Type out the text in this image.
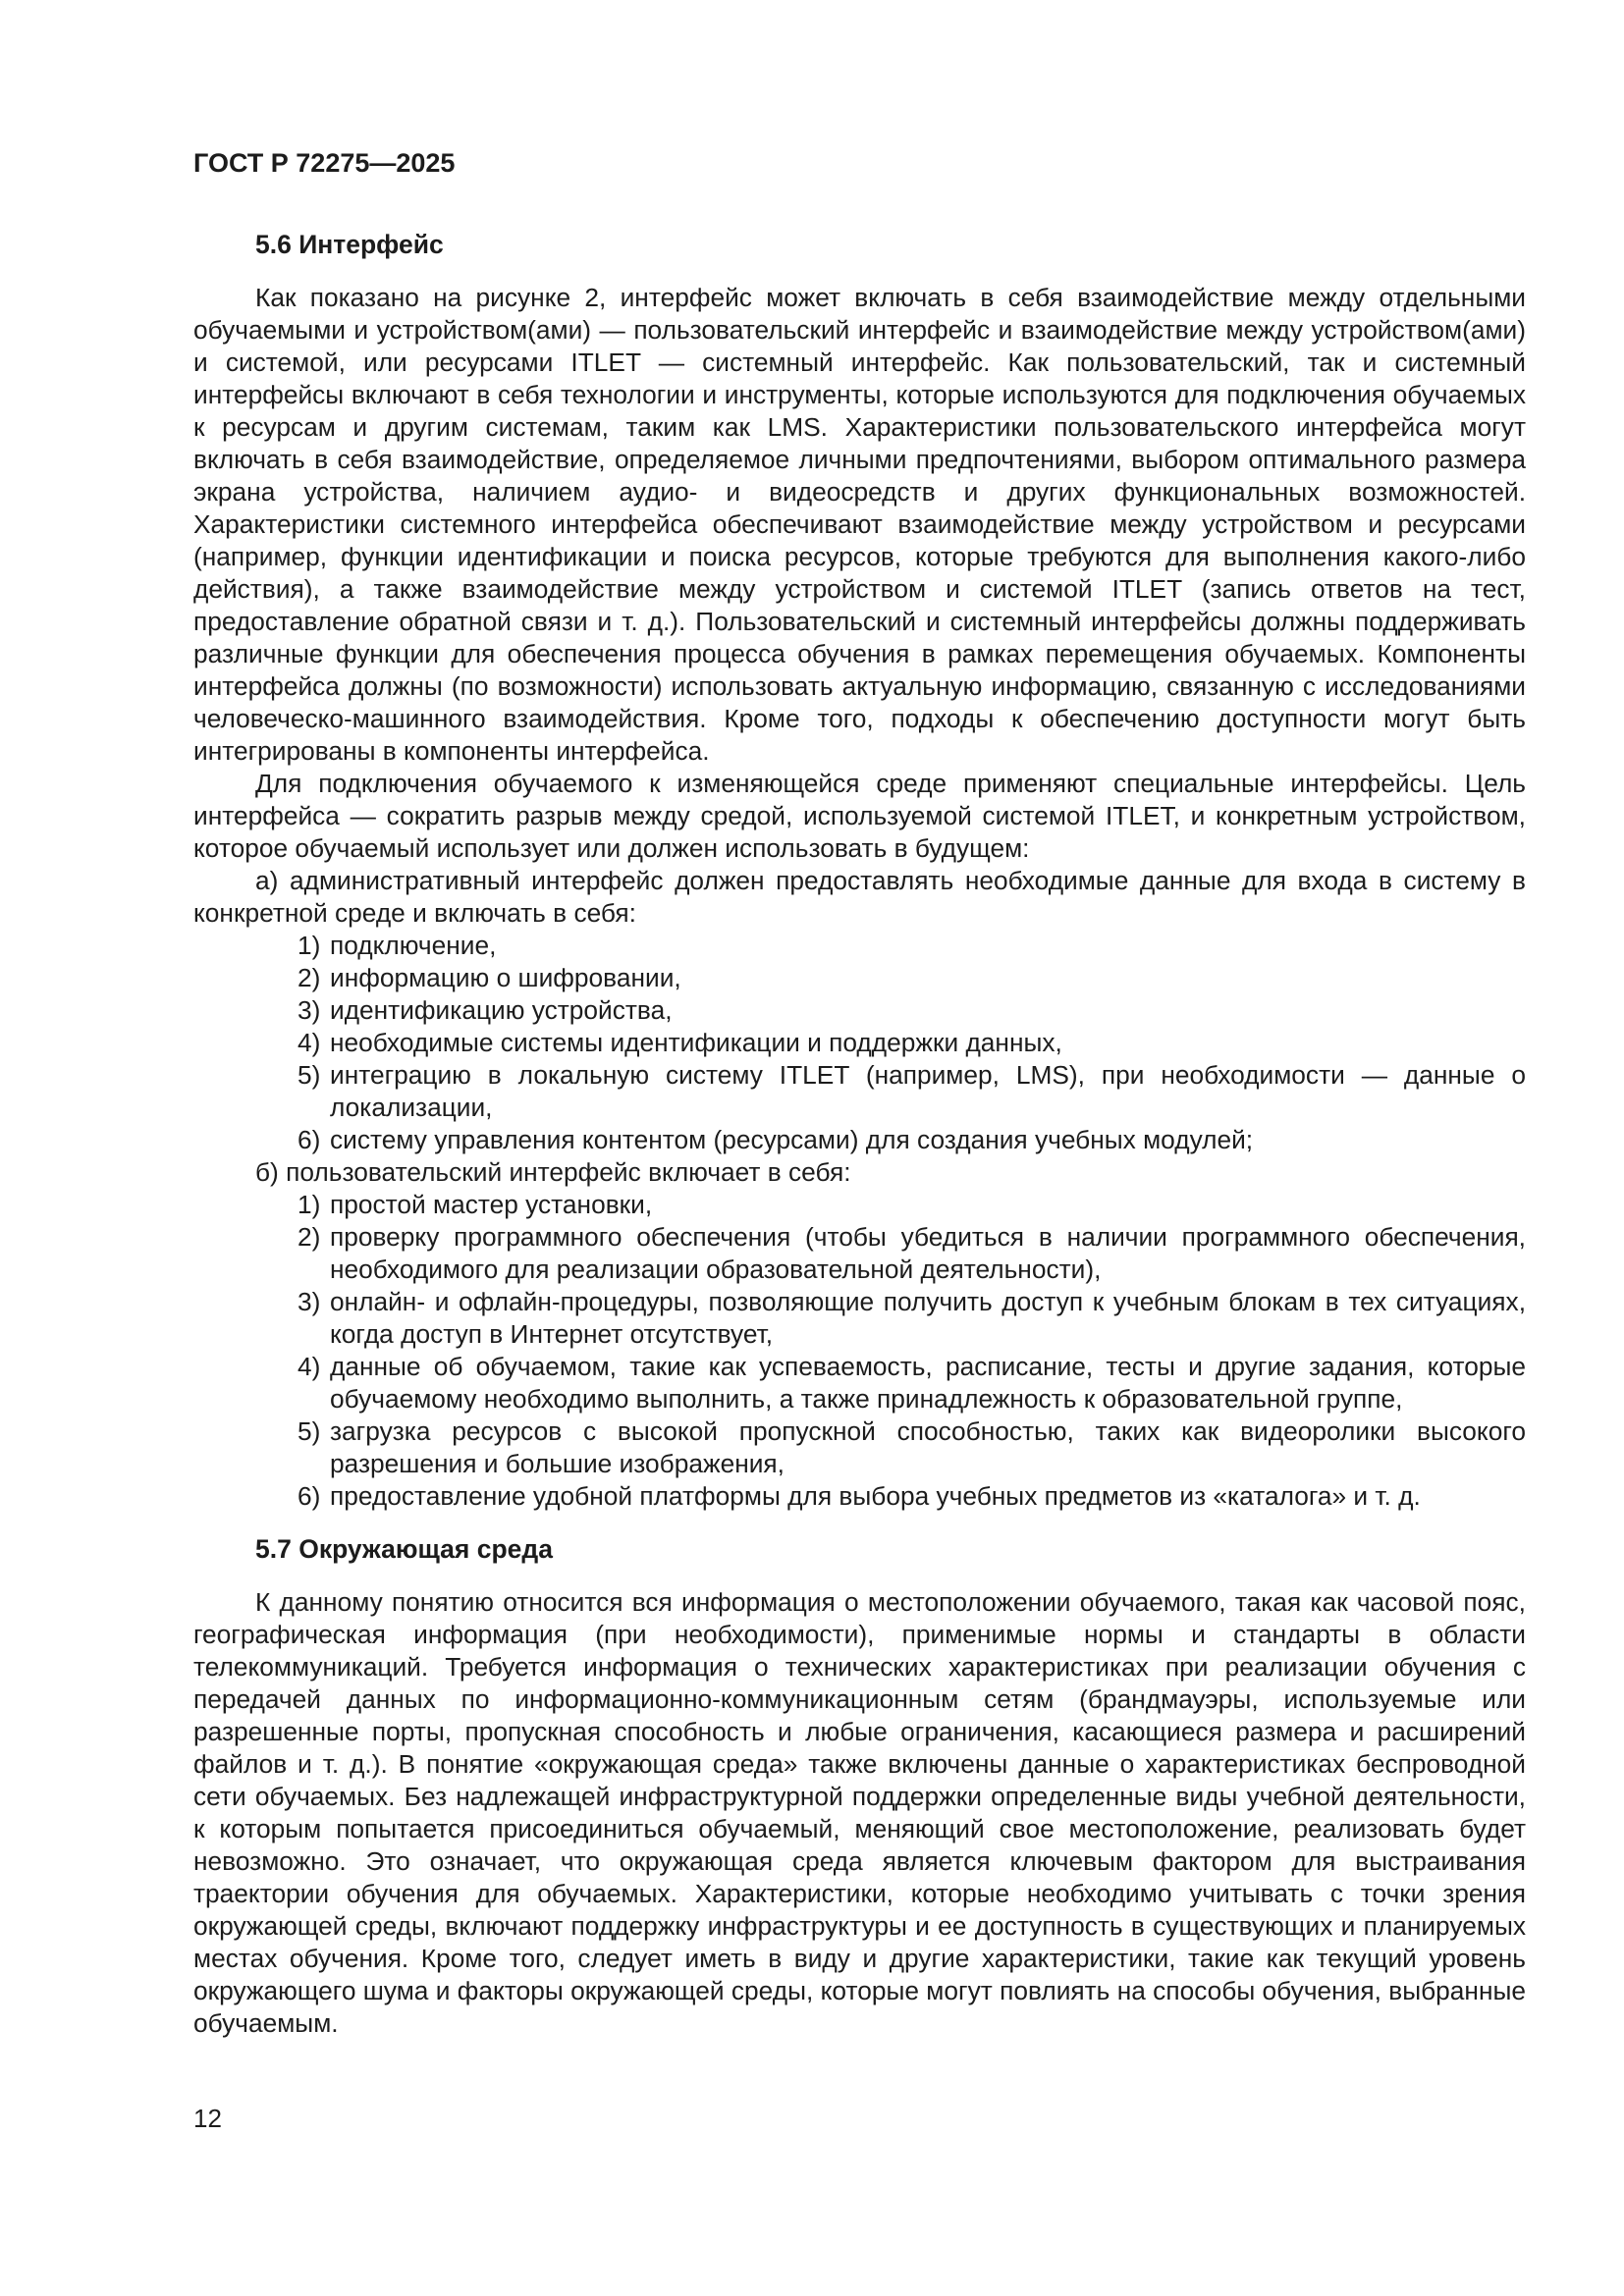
ГОСТ Р 72275—2025
5.6 Интерфейс

Как показано на рисунке 2, интерфейс может включать в себя взаимодействие между отдельными обучаемыми и устройством(ами) — пользовательский интерфейс и взаимодействие между устройством(ами) и системой, или ресурсами ITLET — системный интерфейс. Как пользовательский, так и системный интерфейсы включают в себя технологии и инструменты, которые используются для подключения обучаемых к ресурсам и другим системам, таким как LMS. Характеристики пользовательского интерфейса могут включать в себя взаимодействие, определяемое личными предпочтениями, выбором оптимального размера экрана устройства, наличием аудио- и видеосредств и других функциональных возможностей. Характеристики системного интерфейса обеспечивают взаимодействие между устройством и ресурсами (например, функции идентификации и поиска ресурсов, которые требуются для выполнения какого-либо действия), а также взаимодействие между устройством и системой ITLET (запись ответов на тест, предоставление обратной связи и т. д.). Пользовательский и системный интерфейсы должны поддерживать различные функции для обеспечения процесса обучения в рамках перемещения обучаемых. Компоненты интерфейса должны (по возможности) использовать актуальную информацию, связанную с исследованиями человеческо-машинного взаимодействия. Кроме того, подходы к обеспечению доступности могут быть интегрированы в компоненты интерфейса.

Для подключения обучаемого к изменяющейся среде применяют специальные интерфейсы. Цель интерфейса — сократить разрыв между средой, используемой системой ITLET, и конкретным устройством, которое обучаемый использует или должен использовать в будущем:

а) административный интерфейс должен предоставлять необходимые данные для входа в систему в конкретной среде и включать в себя:

1) подключение,
2) информацию о шифровании,
3) идентификацию устройства,
4) необходимые системы идентификации и поддержки данных,
5) интеграцию в локальную систему ITLET (например, LMS), при необходимости — данные о локализации,
6) систему управления контентом (ресурсами) для создания учебных модулей;

б) пользовательский интерфейс включает в себя:

1) простой мастер установки,
2) проверку программного обеспечения (чтобы убедиться в наличии программного обеспечения, необходимого для реализации образовательной деятельности),
3) онлайн- и офлайн-процедуры, позволяющие получить доступ к учебным блокам в тех ситуациях, когда доступ в Интернет отсутствует,
4) данные об обучаемом, такие как успеваемость, расписание, тесты и другие задания, которые обучаемому необходимо выполнить, а также принадлежность к образовательной группе,
5) загрузка ресурсов с высокой пропускной способностью, таких как видеоролики высокого разрешения и большие изображения,
6) предоставление удобной платформы для выбора учебных предметов из «каталога» и т. д.
5.7 Окружающая среда

К данному понятию относится вся информация о местоположении обучаемого, такая как часовой пояс, географическая информация (при необходимости), применимые нормы и стандарты в области телекоммуникаций. Требуется информация о технических характеристиках при реализации обучения с передачей данных по информационно-коммуникационным сетям (брандмауэры, используемые или разрешенные порты, пропускная способность и любые ограничения, касающиеся размера и расширений файлов и т. д.). В понятие «окружающая среда» также включены данные о характеристиках беспроводной сети обучаемых. Без надлежащей инфраструктурной поддержки определенные виды учебной деятельности, к которым попытается присоединиться обучаемый, меняющий свое местоположение, реализовать будет невозможно. Это означает, что окружающая среда является ключевым фактором для выстраивания траектории обучения для обучаемых. Характеристики, которые необходимо учитывать с точки зрения окружающей среды, включают поддержку инфраструктуры и ее доступность в существующих и планируемых местах обучения. Кроме того, следует иметь в виду и другие характеристики, такие как текущий уровень окружающего шума и факторы окружающей среды, которые могут повлиять на способы обучения, выбранные обучаемым.

12
